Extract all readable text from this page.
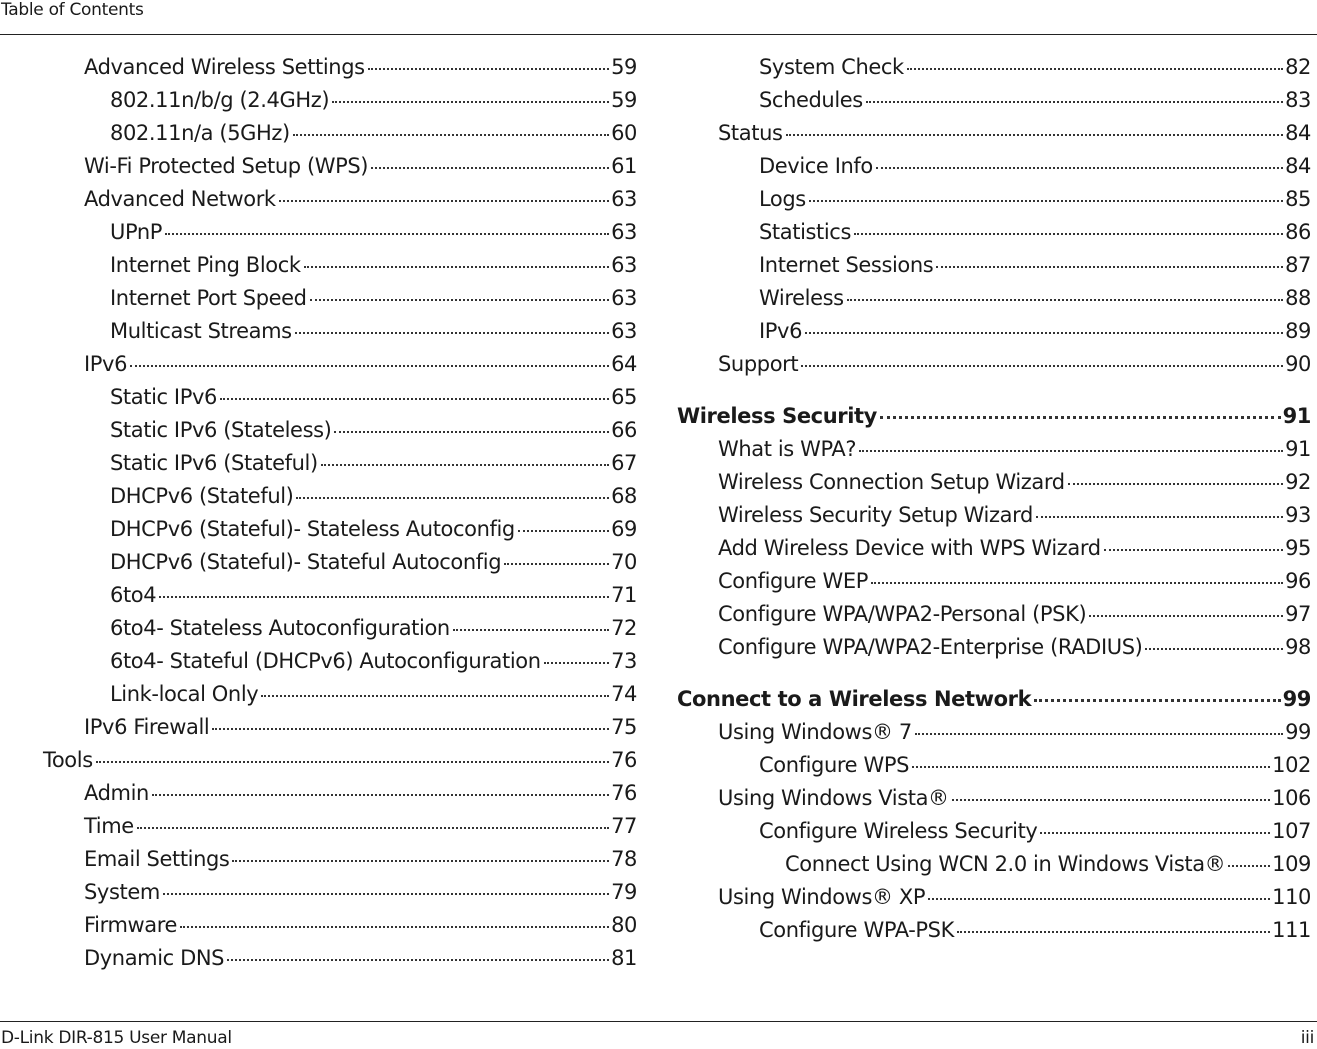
Table of Contents
Advanced Wireless Settings	59
802.11n/b/g (2.4GHz)	59
802.11n/a (5GHz)	60
Wi-Fi Protected Setup (WPS)	61
Advanced Network	63
UPnP	63
Internet Ping Block	63
Internet Port Speed	63
Multicast Streams	63
IPv6	64
Static IPv6	65
Static IPv6 (Stateless)	66
Static IPv6 (Stateful)	67
DHCPv6 (Stateful)	68
DHCPv6 (Stateful)- Stateless Autoconfig	69
DHCPv6 (Stateful)- Stateful Autoconfig	70
6to4	71
6to4- Stateless Autoconfiguration	72
6to4- Stateful (DHCPv6) Autoconfiguration	73
Link-local Only	74
IPv6 Firewall	75
Tools	76
Admin	76
Time	77
Email Settings	78
System	79
Firmware	80
Dynamic DNS	81
System Check	82
Schedules	83
Status	84
Device Info	84
Logs	85
Statistics	86
Internet Sessions	87
Wireless	88
IPv6	89
Support	90
Wireless Security	91
What is WPA?	91
Wireless Connection Setup Wizard	92
Wireless Security Setup Wizard	93
Add Wireless Device with WPS Wizard	95
Configure WEP	96
Configure WPA/WPA2-Personal (PSK)	97
Configure WPA/WPA2-Enterprise (RADIUS)	98
Connect to a Wireless Network	99
Using Windows® 7	99
Configure WPS	102
Using Windows Vista®	106
Configure Wireless Security	107
Connect Using WCN 2.0 in Windows Vista® 109
Using Windows® XP	110
Configure WPA-PSK	111
D-Link DIR-815 User Manual	iii
